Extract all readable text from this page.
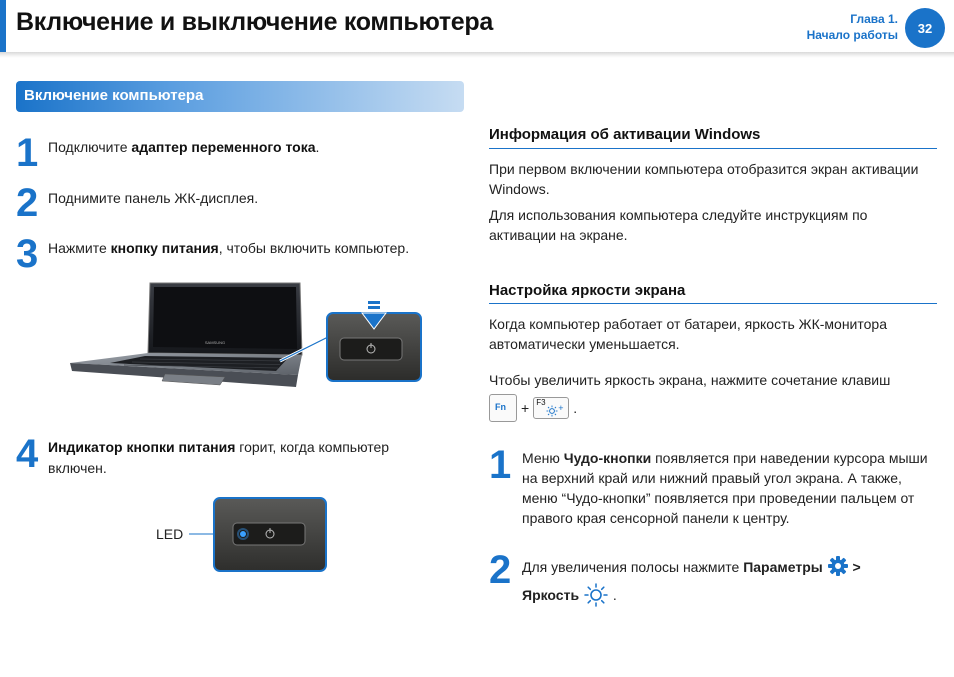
Включение и выключение компьютера	Глава 1.
Начало работы	32
Включение компьютера
1 Подключите адаптер переменного тока.
2 Поднимите панель ЖК-дисплея.
3 Нажмите кнопку питания, чтобы включить компьютер.
SAMSUNG
4 Индикатор кнопки питания горит, когда компьютер включен.
LED
Информация об активации Windows
При первом включении компьютера отобразится экран активации Windows.
Для использования компьютера следуйте инструкциям по активации на экране.
Настройка яркости экрана
Когда компьютер работает от батареи, яркость ЖК-монитора автоматически уменьшается.
Чтобы увеличить яркость экрана, нажмите сочетание клавиш
Fn + F3
+ .
1 Меню Чудо-кнопки появляется при наведении курсора мыши на верхний край или нижний правый угол экрана. А также, меню “Чудо-кнопки” появляется при проведении пальцем от правого края сенсорной панели к центру.
2 Для увеличения полосы нажмите Параметры >
Яркость .
